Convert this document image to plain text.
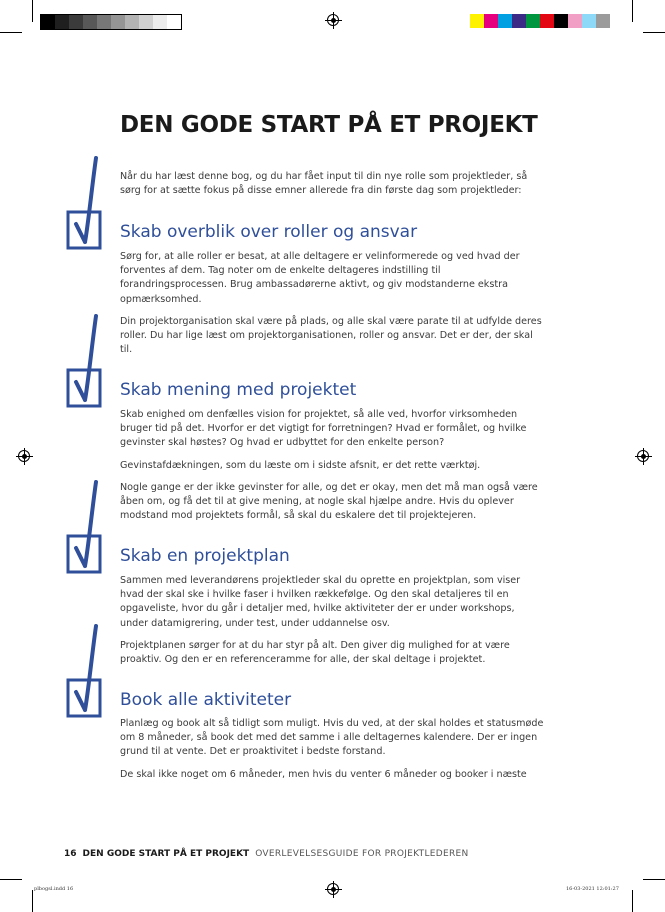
DEN GODE START PÅ ET PROJEKT

Når du har læst denne bog, og du har fået input til din nye rolle som projektleder, så sørg for at sætte fokus på disse emner allerede fra din første dag som projektleder:

Skab overblik over roller og ansvar

Sørg for, at alle roller er besat, at alle deltagere er velinformerede og ved hvad der forventes af dem. Tag noter om de enkelte deltageres indstilling til forandringsprocessen. Brug ambassadørerne aktivt, og giv modstanderne ekstra opmærksomhed.

Din projektorganisation skal være på plads, og alle skal være parate til at udfylde deres roller. Du har lige læst om projektorganisationen, roller og ansvar. Det er der, der skal til.

Skab mening med projektet

Skab enighed om denfælles vision for projektet, så alle ved, hvorfor virksomheden bruger tid på det. Hvorfor er det vigtigt for forretningen? Hvad er formålet, og hvilke gevinster skal høstes? Og hvad er udbyttet for den enkelte person?

Gevinstafdækningen, som du læste om i sidste afsnit, er det rette værktøj.

Nogle gange er der ikke gevinster for alle, og det er okay, men det må man også være åben om, og få det til at give mening, at nogle skal hjælpe andre. Hvis du oplever modstand mod projektets formål, så skal du eskalere det til projektejeren.

Skab en projektplan

Sammen med leverandørens projektleder skal du oprette en projektplan, som viser hvad der skal ske i hvilke faser i hvilken rækkefølge. Og den skal detaljeres til en opgaveliste, hvor du går i detaljer med, hvilke aktiviteter der er under workshops, under datamigrering, under test, under uddannelse osv.

Projektplanen sørger for at du har styr på alt. Den giver dig mulighed for at være proaktiv. Og den er en referenceramme for alle, der skal deltage i projektet.

Book alle aktiviteter

Planlæg og book alt så tidligt som muligt. Hvis du ved, at der skal holdes et statusmøde om 8 måneder, så book det med det samme i alle deltagernes kalendere. Der er ingen grund til at vente. Det er proaktivitet i bedste forstand.

De skal ikke noget om 6 måneder, men hvis du venter 6 måneder og booker i næste

16 DEN GODE START PÅ ET PROJEKT OVERLEVELSESGUIDE FOR PROJEKTLEDEREN
plbogsl.indd 16	16-03-2021 12:01:27
